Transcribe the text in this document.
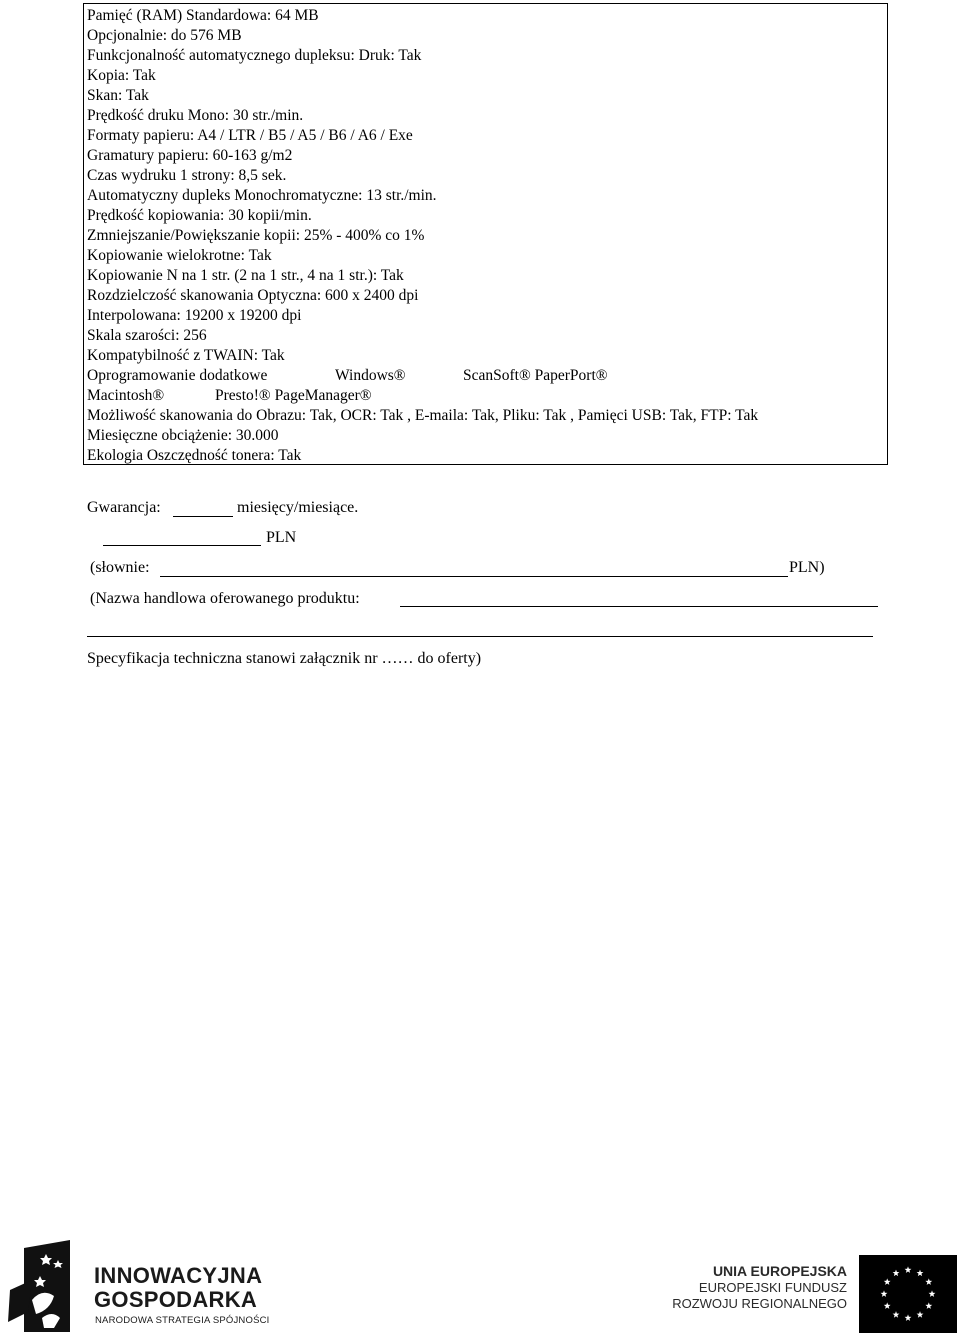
Pamięć (RAM) Standardowa: 64 MB
Opcjonalnie: do 576 MB
Funkcjonalność automatycznego dupleksu: Druk: Tak
Kopia: Tak
Skan: Tak
Prędkość druku Mono: 30 str./min.
Formaty papieru: A4 / LTR / B5 / A5 / B6 / A6 / Exe
Gramatury papieru: 60-163 g/m2
Czas wydruku 1 strony: 8,5 sek.
Automatyczny dupleks Monochromatyczne: 13 str./min.
Prędkość kopiowania: 30 kopii/min.
Zmniejszanie/Powiększanie kopii: 25% - 400% co 1%
Kopiowanie wielokrotne: Tak
Kopiowanie N na 1 str. (2 na 1 str., 4 na 1 str.): Tak
Rozdzielczość skanowania Optyczna: 600 x 2400 dpi
Interpolowana: 19200 x 19200 dpi
Skala szarości: 256
Kompatybilność z TWAIN: Tak
Oprogramowanie dodatkowe	Windows®	ScanSoft® PaperPort®
Macintosh®	Presto!® PageManager®
Możliwość skanowania do Obrazu: Tak, OCR: Tak , E-maila: Tak, Pliku: Tak , Pamięci USB: Tak, FTP: Tak
Miesięczne obciążenie: 30.000
Ekologia Oszczędność tonera: Tak
Gwarancja:	miesięcy/miesiące.
PLN
(słownie:	PLN)
(Nazwa handlowa oferowanego produktu:
Specyfikacja techniczna stanowi załącznik nr …… do oferty)
INNOWACYJNA
GOSPODARKA
NARODOWA STRATEGIA SPÓJNOŚCI
UNIA EUROPEJSKA
EUROPEJSKI FUNDUSZ
ROZWOJU REGIONALNEGO
